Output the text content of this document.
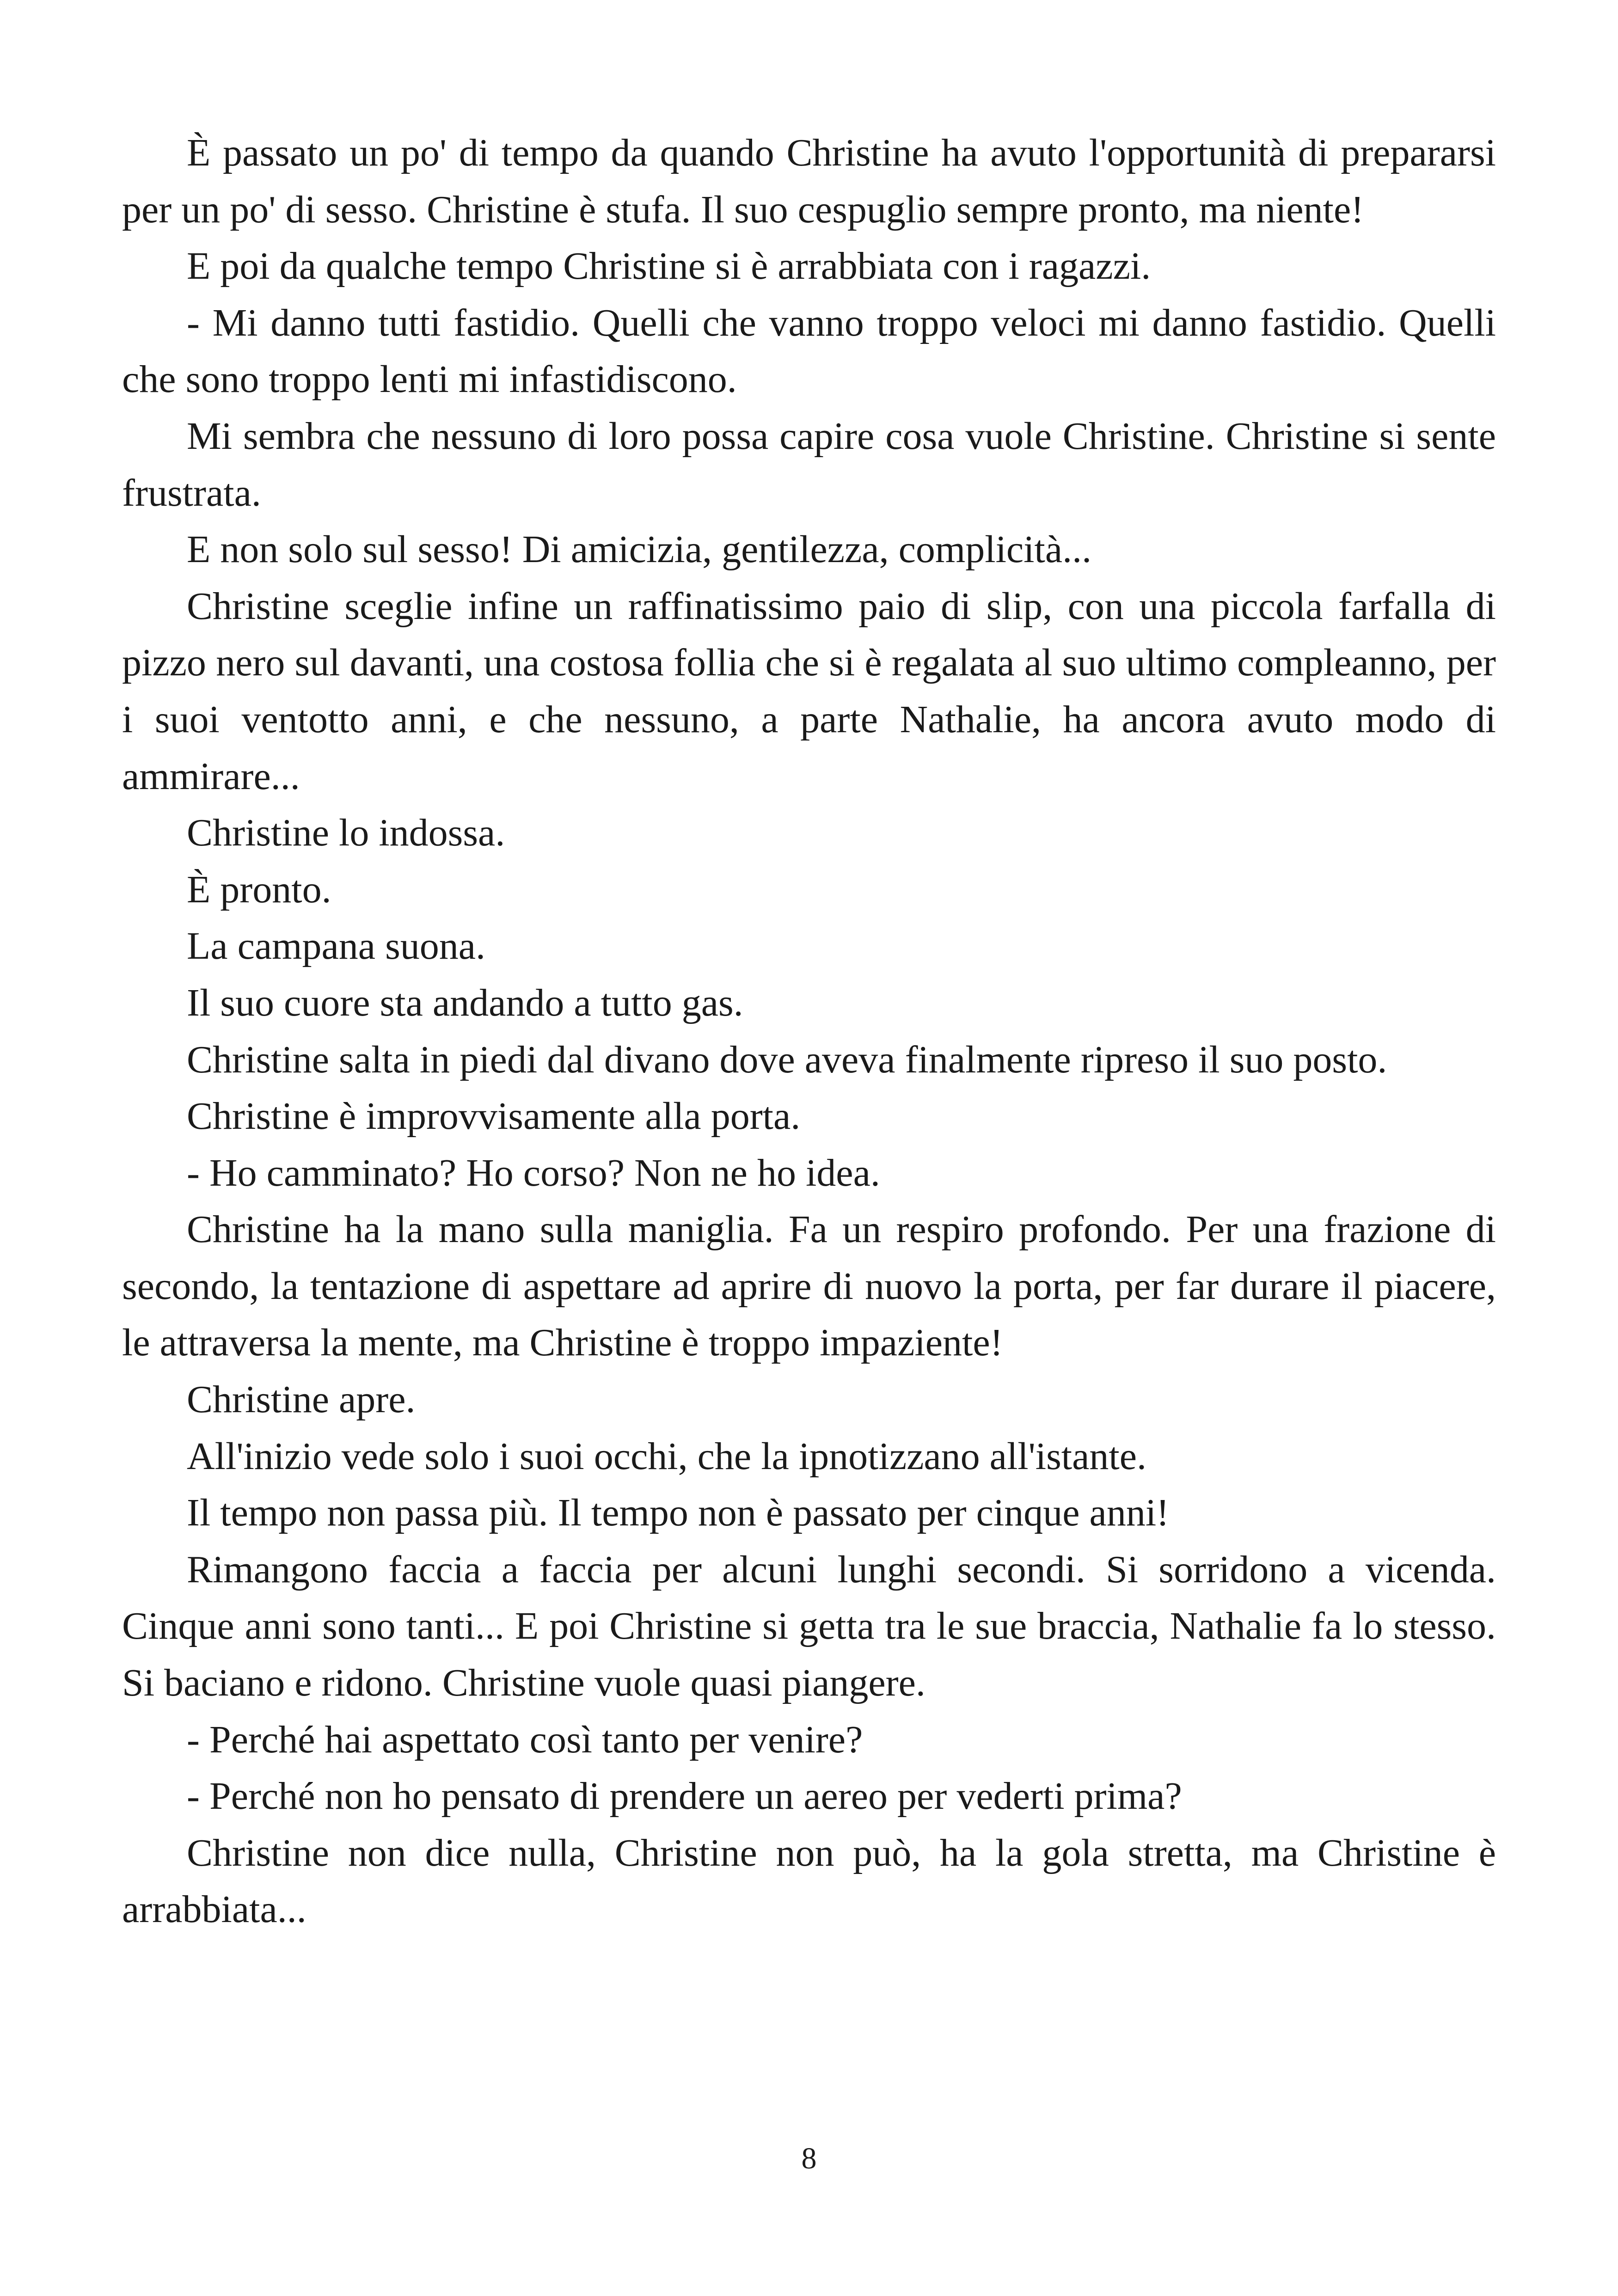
È passato un po' di tempo da quando Christine ha avuto l'opportunità di prepararsi per un po' di sesso. Christine è stufa. Il suo cespuglio sempre pronto, ma niente!

E poi da qualche tempo Christine si è arrabbiata con i ragazzi.

- Mi danno tutti fastidio. Quelli che vanno troppo veloci mi danno fastidio. Quelli che sono troppo lenti mi infastidiscono.

Mi sembra che nessuno di loro possa capire cosa vuole Christine. Christine si sente frustrata.

E non solo sul sesso! Di amicizia, gentilezza, complicità...

Christine sceglie infine un raffinatissimo paio di slip, con una piccola farfalla di pizzo nero sul davanti, una costosa follia che si è regalata al suo ultimo compleanno, per i suoi ventotto anni, e che nessuno, a parte Nathalie, ha ancora avuto modo di ammirare...

Christine lo indossa.

È pronto.

La campana suona.

Il suo cuore sta andando a tutto gas.

Christine salta in piedi dal divano dove aveva finalmente ripreso il suo posto.

Christine è improvvisamente alla porta.

- Ho camminato? Ho corso? Non ne ho idea.

Christine ha la mano sulla maniglia. Fa un respiro profondo. Per una frazione di secondo, la tentazione di aspettare ad aprire di nuovo la porta, per far durare il piacere, le attraversa la mente, ma Christine è troppo impaziente!

Christine apre.

All'inizio vede solo i suoi occhi, che la ipnotizzano all'istante.

Il tempo non passa più. Il tempo non è passato per cinque anni!

Rimangono faccia a faccia per alcuni lunghi secondi. Si sorridono a vicenda. Cinque anni sono tanti... E poi Christine si getta tra le sue braccia, Nathalie fa lo stesso. Si baciano e ridono. Christine vuole quasi piangere.

- Perché hai aspettato così tanto per venire?

- Perché non ho pensato di prendere un aereo per vederti prima?

Christine non dice nulla, Christine non può, ha la gola stretta, ma Christine è arrabbiata...

8
